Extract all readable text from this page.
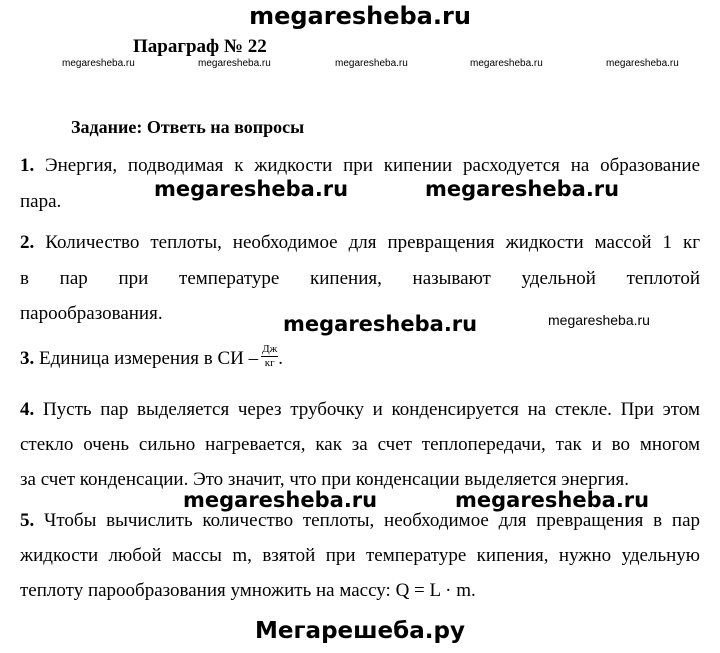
megaresheba.ru
Параграф № 22
megaresheba.ru	megaresheba.ru	megaresheba.ru	megaresheba.ru	megaresheba.ru
Задание: Ответь на вопросы
1. Энергия, подводимая к жидкости при кипении расходуется на образование
пара.
megaresheba.ru	megaresheba.ru
2. Количество теплоты, необходимое для превращения жидкости массой 1 кг
в пар при температуре кипения, называют удельной теплотой
парообразования.	megaresheba.ru	megaresheba.ru
3. Единица измерения в СИ – $\frac{Дж}{кг}$ .
4. Пусть пар выделяется через трубочку и конденсируется на стекле. При этом
стекло очень сильно нагревается, как за счет теплопередачи, так и во многом
за счет конденсации. Это значит, что при конденсации выделяется энергия.
megaresheba.ru	megaresheba.ru
5. Чтобы вычислить количество теплоты, необходимое для превращения в пар
жидкости любой массы m, взятой при температуре кипения, нужно удельную
теплоту парообразования умножить на массу: Q = L · m.
Мегарешеба.ру
